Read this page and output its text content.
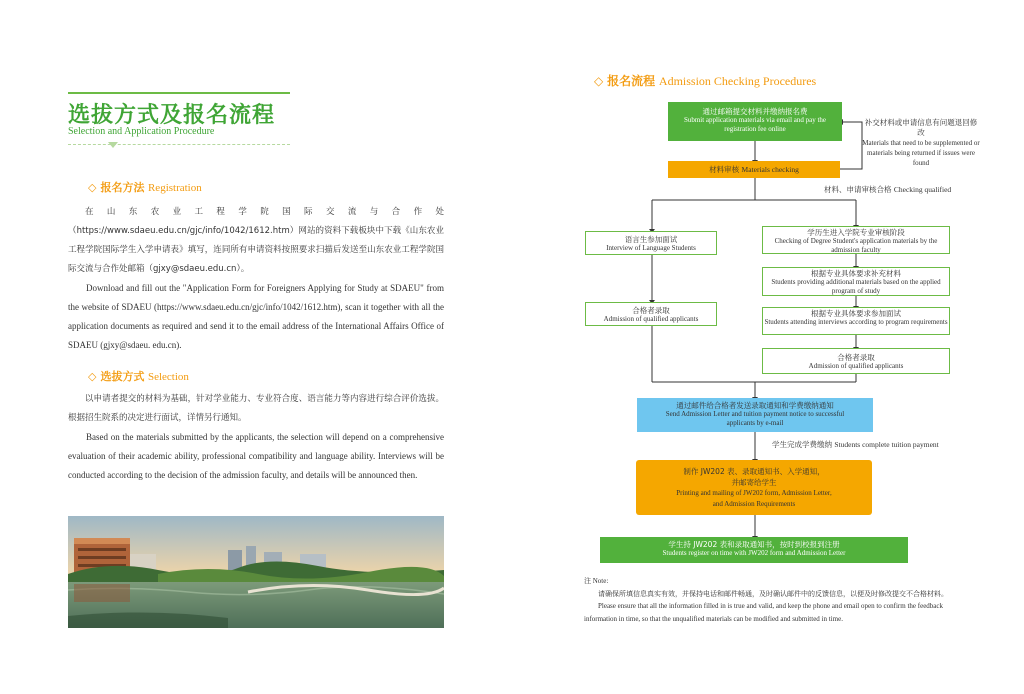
选拔方式及报名流程
Selection and Application Procedure
◇ 报名方法 Registration

在山东农业工程学院国际交流与合作处（https://www.sdaeu.edu.cn/gjc/info/1042/1612.htm）网站的资料下载板块中下载《山东农业工程学院国际学生入学申请表》填写，连同所有申请资料按照要求扫描后发送至山东农业工程学院国际交流与合作处邮箱（gjxy@sdaeu.edu.cn）。

Download and fill out the "Application Form for Foreigners Applying for Study at SDAEU" from the website of SDAEU (https://www.sdaeu.edu.cn/gjc/info/1042/1612.htm), scan it together with all the application documents as required and send it to the email address of the International Affairs Office of SDAEU (gjxy@sdaeu. edu.cn).

◇ 选拔方式 Selection

以申请者提交的材料为基础，针对学业能力、专业符合度、语言能力等内容进行综合评价选拔。根据招生院系的决定进行面试，详情另行通知。

Based on the materials submitted by the applicants, the selection will depend on a comprehensive evaluation of their academic ability, professional compatibility and language ability. Interviews will be conducted according to the decision of the admission faculty, and details will be announced then.

◇ 报名流程 Admission Checking Procedures
通过邮箱提交材料并缴纳报名费
Submit application materials via email and pay the registration fee online
材料审核 Materials checking
补交材料或申请信息有问题退回修改
Materials that need to be supplemented or materials being returned if issues were found
材料、申请审核合格 Checking qualified
语言生参加面试
Interview of Language Students
合格者录取
Admission of qualified applicants
学历生进入学院专业审核阶段
Checking of Degree Student's application materials by the admission faculty
根据专业具体要求补充材料
Students providing additional materials based on the applied program of study
根据专业具体要求参加面试
Students attending interviews according to program requirements
合格者录取
Admission of qualified applicants
通过邮件给合格者发送录取通知和学费缴纳通知
Send Admission Letter and tuition payment notice to successful applicants by e-mail
学生完成学费缴纳 Students complete tuition payment
制作 JW202 表、录取通知书、入学通知，
并邮寄给学生
Printing and mailing of JW202 form, Admission Letter,
and Admission Requirements
学生持 JW202 表和录取通知书，按时到校报到注册
Students register on time with JW202 form and Admission Letter
注 Note:
请确保所填信息真实有效，并保持电话和邮件畅通，及时确认邮件中的反馈信息，以便及时修改提交不合格材料。
Please ensure that all the information filled in is true and valid, and keep the phone and email open to confirm the feedback information in time, so that the unqualified materials can be modified and submitted in time.
